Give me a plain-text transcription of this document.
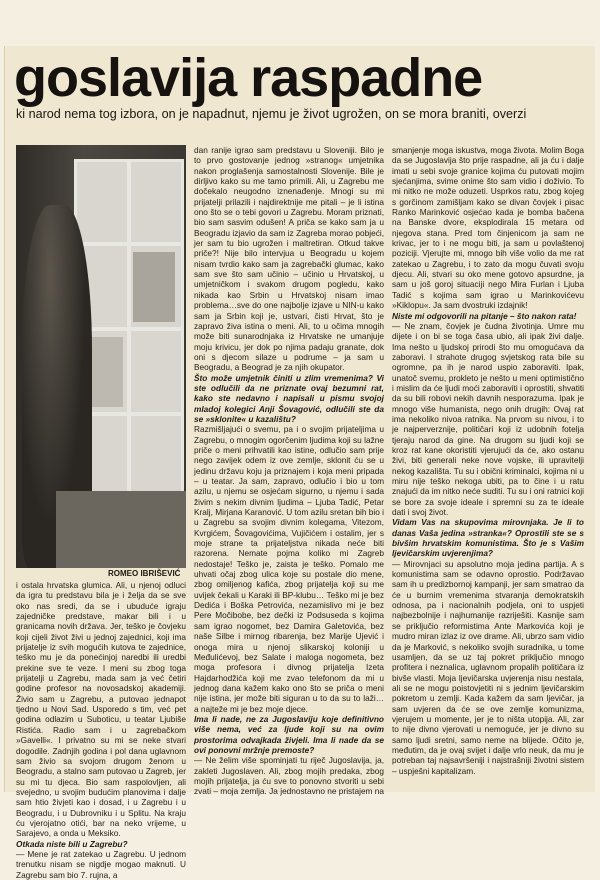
goslavija raspadne
ki narod nema tog izbora, on je napadnut, njemu je život ugrožen, on se mora braniti, overzi
ROMEO IBRIŠEVIĆ

i ostala hrvatska glumica. Ali, u njenoj odluci da igra tu predstavu bila je i želja da se sve oko nas sredi, da se i ubuduće igraju zajedničke predstave, makar bili i u granicama novih država. Jer, teško je čovjeku koji cijeli život živi u jednoj zajednici, koji ima prijatelje iz svih mogućih kutova te zajednice, teško mu je da ponećinjoj naredbi ili uredbi prekine sve te veze. I meni su zbog toga prijatelji u Zagrebu, mada sam ja već četiri godine profesor na novosadskoj akademiji. Živio sam u Zagrebu, a putovao jednapot tjedno u Novi Sad. Usporedo s tim, već pet godina odlazim u Suboticu, u teatar Ljubiše Ristića. Radio sam i u zagrebačkom »Gavelli«. I privatno su mi se neke stvari dogodile. Zadnjih godina i pol dana uglavnom sam živio sa svojom drugom ženom u Beogradu, a stalno sam putovao u Zagreb, jer su mi tu djeca. Bio sam raspolovljen, ali svejedno, u svojim budućim planovima i dalje sam htio živjeti kao i dosad, i u Zagrebu i u Beogradu, i u Dubrovniku i u Splitu. Na kraju ću vjerojatno otići, bar na neko vrijeme, u Sarajevo, a onda u Meksiko.

Otkada niste bili u Zagrebu?

— Mene je rat zatekao u Zagrebu. U jednom trenutku nisam se nigdje mogao maknuti. U Zagrebu sam bio 7. rujna, a

dan ranije igrao sam predstavu u Sloveniji. Bilo je to prvo gostovanje jednog »stranog« umjetnika nakon proglašenja samostalnosti Slovenije. Bile je dirljivo kako su me tamo primili. Ali, u Zagrebu me dočekalo neugodno iznenađenje. Mnogi su mi prijatelji prilazili i najdirektnije me pitali – je li istina ono što se o tebi govori u Zagrebu. Moram priznati, bio sam sasvim odušen! A priča se kako sam ja u Beogradu izjavio da sam iz Zagreba morao pobjeći, jer sam tu bio ugrožen i maltretiran. Otkud takve priče?! Nije bilo intervjua u Beogradu u kojem nisam tvrdio kako sam ja zagrebački glumac, kako sam sve što sam učinio – učinio u Hrvatskoj, u umjetničkom i svakom drugom pogledu, kako nikada kao Srbin u Hrvatskoj nisam imao problema…sve do one najbolje izjave u NIN-u kako sam ja Srbin koji je, ustvari, čisti Hrvat, što je zapravo živa istina o meni. Ali, to u očima mnogih može biti sunarodnjaka iz Hrvatske ne umanjuje moju krivicu, jer dok po njima padaju granate, dok oni s djecom silaze u podrume – ja sam u Beogradu, a Beograd je za njih okupator.

Što može umjetnik činiti u zlim vremenima? Vi ste odlučili da ne priznate ovaj bezumni rat, kako ste nedavno i napisali u pismu svojoj mladoj kolegici Anji Šovagović, odlučili ste da se »sklonite« u kazalištu?

Razmišljajući o svemu, pa i o svojim prijateljima u Zagrebu, o mnogim ogorčenim ljudima koji su lažne priče o meni prihvatili kao istine, odlučio sam prije nego zavijek odem iz ove zemlje, sklonit ću se u jedinu državu koju ja priznajem i koja meni pripada – u teatar. Ja sam, zapravo, odlučio i bio u tom azilu, u njemu se osjećam sigurno, u njemu i sada živim s nekim divnim ljudima – Ljuba Tadić, Petar Kralj, Mirjana Karanović. U tom azilu sretan bih bio i u Zagrebu sa svojim divnim kolegama, Vitezom, Kvrgićem, Šovagovićima, Vujičićem i ostalim, jer s moje strane ta prijateljstva nikada neće biti razorena. Nemate pojma koliko mi Zagreb nedostaje! Teško je, zaista je teško. Pomalo me uhvati očaj zbog ulica koje su postale dio mene, zbog omiljenog kafića, zbog prijatelja koji su me uvijek čekali u Karaki ili BP-klubu… Teško mi je bez Dedića i Boška Petrovića, nezamislivo mi je bez Pere Močibobe, bez dečki iz Podsuseda s kojima sam igrao nogomet, bez Damira Galetovića, bez naše Silbe i mirnog ribarenja, bez Marije Ujević i onoga mira u njenoj slikarskoj koloniji u Međulićevoj, bez Salate i maloga nogometa, bez moga profesora i divnog prijatelja Izeta Hajdarhodžića koji me zvao telefonom da mi u jednog dana kažem kako ono što se priča o meni nije istina, jer može biti siguran u to da su to laži… a najteže mi je bez moje djece.

Ima li nade, ne za Jugoslaviju koje definitivno više nema, već za ljude koji su na ovim prostorima odvajkada živjeli. Ima li nade da se ovi ponovni mržnje premoste?

— Ne želim više spominjati tu riječ Jugoslavija, ja, zakleti Jugoslaven. Ali, zbog mojih predaka, zbog mojih prijatelja, ja ću sve to ponovno stvoriti u sebi zvati – moja zemlja. Ja jednostavno ne pristajem na

smanjenje moga iskustva, moga života. Molim Boga da se Jugoslavija što prije raspadne, ali ja ću i dalje imati u sebi svoje granice kojima ću putovati mojim sjećanjima, svime onime što sam vidio i doživio. To mi nitko ne može oduzeti. Usprkos ratu, zbog kojeg s gorčinom zamišljam kako se divan čovjek i pisac Ranko Marinković osjećao kada je bomba bačena na Banske dvore, eksplodirala 15 metara od njegova stana. Pred tom činjenicom ja sam ne krivac, jer to i ne mogu biti, ja sam u povlaštenoj poziciji. Vjerujte mi, mnogo bih više volio da me rat zatekao u Zagrebu, i to zato da mogu čuvati svoju djecu. Ali, stvari su oko mene gotovo apsurdne, ja sam u još goroj situaciji nego Mira Furlan i Ljuba Tadić s kojima sam igrao u Marinkovićevu »Kiklopu«. Ja sam dvostruki izdajnik!

Niste mi odgovorili na pitanje – što nakon rata!

— Ne znam, čovjek je čudna životinja. Umre mu dijete i on bi se toga časa ubio, ali ipak živi dalje. Ima nešto u ljudskoj prirodi što mu omogućava da zaboravi. I strahote drugog svjetskog rata bile su ogromne, pa ih je narod uspio zaboraviti. Ipak, unatoč svemu, prokleto je nešto u meni optimistično i mislim da će ljudi moći zaboraviti i oprostiti, shvatiti da su bili robovi nekih davnih nesporazuma. Ipak je mnogo više humanista, nego onih drugih: Ovaj rat ima nekoliko nivoa ratnika. Na prvom su nivou, i to je najperverznije, političari koji iz udobnih fotelja tjeraju narod da gine. Na drugom su ljudi koji se kroz rat kane okoristiti vjerujući da će, ako ostanu živi, biti generali neke nove vojske, ili upravitelji nekog kazališta. Tu su i obični kriminalci, kojima ni u miru nije teško nekoga ubiti, pa to čine i u ratu znajući da im nitko neće suditi. Tu su i oni ratnici koji se bore za svoje ideale i spremni su za te ideale dati i svoj život.

Vidam Vas na skupovima mirovnjaka. Je li to danas Vaša jedina »stranka«? Oprostili ste se s bivšim hrvatskim komunistima. Što je s Vašim ljevičarskim uvjerenjima?

— Mirovnjaci su apsolutno moja jedina partija. A s komunistima sam se odavno oprostio. Podržavao sam ih u predizbornoj kampanji, jer sam smatrao da će u burnim vremenima stvaranja demokratskih odnosa, pa i nacionalnih podjela, oni to uspjeti najbezbolnije i najhumanije razriješiti. Kasnije sam se priključio reformistima Ante Markovića koji je mudro miran izlaz iz ove drame. Ali, ubrzo sam vidio da je Marković, s nekoliko svojih suradnika, u tome usamljen, da se uz taj pokret priključio mnogo profitera i neznalica, uglavnom propalih političara iz bivše vlasti. Moja ljevičarska uvjerenja nisu nestala, ali se ne mogu poistovjetiti ni s jednim ljevičarskim pokretom u zemlji. Kada kažem da sam ljevičar, ja sam uvjeren da će se ove zemlje komunizma, vjerujem u momente, jer je to ništa utopija. Ali, zar to nije divno vjerovati u nemoguće, jer je divno su samo ljudi sretni, samo neme na blijede. Očito je, međutim, da je ovaj svijet i dalje vrlo neuk, da mu je potreban taj najsavršeniji i najstrašniji životni sistem – uspješni kapitalizam.
